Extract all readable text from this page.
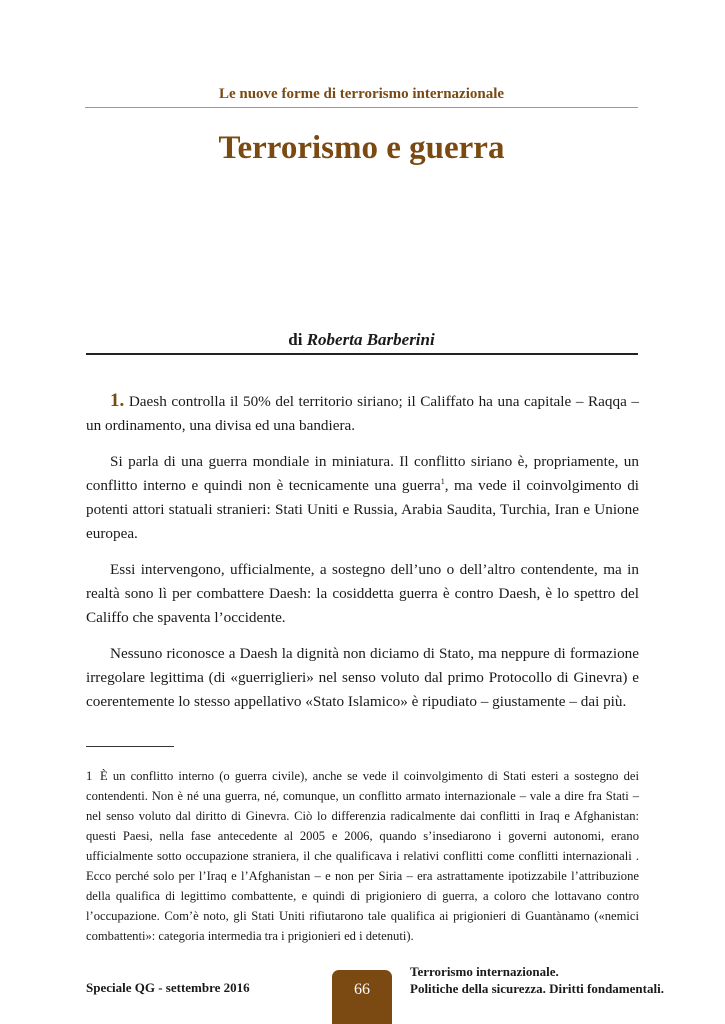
Le nuove forme di terrorismo internazionale
Terrorismo e guerra
di Roberta Barberini

1. Daesh controlla il 50% del territorio siriano; il Califfato ha una capitale – Raqqa – un ordinamento, una divisa ed una bandiera.

Si parla di una guerra mondiale in miniatura. Il conflitto siriano è, propriamente, un conflitto interno e quindi non è tecnicamente una guerra$^1$, ma vede il coinvolgimento di potenti attori statuali stranieri: Stati Uniti e Russia, Arabia Saudita, Turchia, Iran e Unione europea.

Essi intervengono, ufficialmente, a sostegno dell’uno o dell’altro contendente, ma in realtà sono lì per combattere Daesh: la cosiddetta guerra è contro Daesh, è lo spettro del Califfo che spaventa l’occidente.

Nessuno riconosce a Daesh la dignità non diciamo di Stato, ma neppure di formazione irregolare legittima (di «guerriglieri» nel senso voluto dal primo Protocollo di Ginevra) e coerentemente lo stesso appellativo «Stato Islamico» è ripudiato – giustamente – dai più.

1 È un conflitto interno (o guerra civile), anche se vede il coinvolgimento di Stati esteri a sostegno dei contendenti. Non è né una guerra, né, comunque, un conflitto armato internazionale – vale a dire fra Stati – nel senso voluto dal diritto di Ginevra. Ciò lo differenzia radicalmente dai conflitti in Iraq e Afghanistan: questi Paesi, nella fase antecedente al 2005 e 2006, quando s’insediarono i governi autonomi, erano ufficialmente sotto occupazione straniera, il che qualificava i relativi conflitti come conflitti internazionali . Ecco perché solo per l’Iraq e l’Afghanistan – e non per Siria – era astrattamente ipotizzabile l’attribuzione della qualifica di legittimo combattente, e quindi di prigioniero di guerra, a coloro che lottavano contro l’occupazione. Com’è noto, gli Stati Uniti rifiutarono tale qualifica ai prigionieri di Guantànamo («nemici combattenti»: categoria intermedia tra i prigionieri ed i detenuti).
Speciale QG - settembre 2016	66
Terrorismo internazionale.
Politiche della sicurezza. Diritti fondamentali.
